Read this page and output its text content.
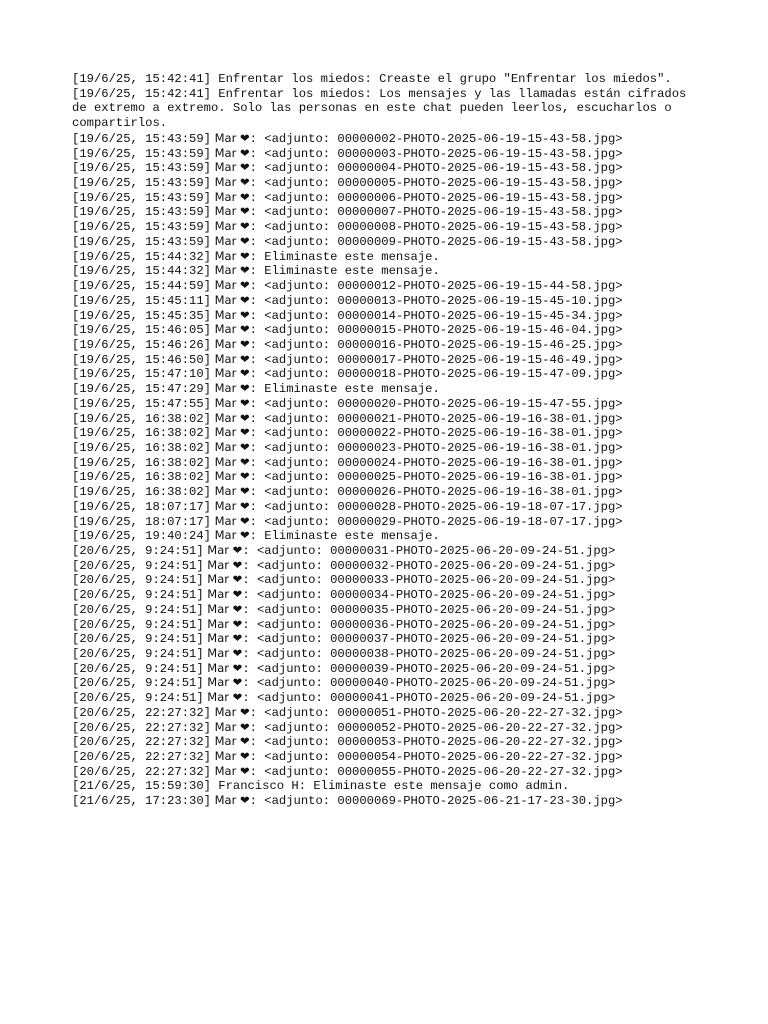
[19/6/25, 15:42:41] Enfrentar los miedos: Creaste el grupo "Enfrentar los miedos".
[19/6/25, 15:42:41] Enfrentar los miedos: Los mensajes y las llamadas están cifrados de extremo a extremo. Solo las personas en este chat pueden leerlos, escucharlos o compartirlos.
[19/6/25, 15:43:59] ‎Mar‎ ❤: <adjunto: 00000002-PHOTO-2025-06-19-15-43-58.jpg>
[19/6/25, 15:43:59] ‎Mar‎ ❤: <adjunto: 00000003-PHOTO-2025-06-19-15-43-58.jpg>
[19/6/25, 15:43:59] ‎Mar‎ ❤: <adjunto: 00000004-PHOTO-2025-06-19-15-43-58.jpg>
[19/6/25, 15:43:59] ‎Mar‎ ❤: <adjunto: 00000005-PHOTO-2025-06-19-15-43-58.jpg>
[19/6/25, 15:43:59] ‎Mar‎ ❤: <adjunto: 00000006-PHOTO-2025-06-19-15-43-58.jpg>
[19/6/25, 15:43:59] ‎Mar‎ ❤: <adjunto: 00000007-PHOTO-2025-06-19-15-43-58.jpg>
[19/6/25, 15:43:59] ‎Mar‎ ❤: <adjunto: 00000008-PHOTO-2025-06-19-15-43-58.jpg>
[19/6/25, 15:43:59] ‎Mar‎ ❤: <adjunto: 00000009-PHOTO-2025-06-19-15-43-58.jpg>
[19/6/25, 15:44:32] ‎Mar‎ ❤: Eliminaste este mensaje.
[19/6/25, 15:44:32] ‎Mar‎ ❤: Eliminaste este mensaje.
[19/6/25, 15:44:59] ‎Mar‎ ❤: <adjunto: 00000012-PHOTO-2025-06-19-15-44-58.jpg>
[19/6/25, 15:45:11] ‎Mar‎ ❤: <adjunto: 00000013-PHOTO-2025-06-19-15-45-10.jpg>
[19/6/25, 15:45:35] ‎Mar‎ ❤: <adjunto: 00000014-PHOTO-2025-06-19-15-45-34.jpg>
[19/6/25, 15:46:05] ‎Mar‎ ❤: <adjunto: 00000015-PHOTO-2025-06-19-15-46-04.jpg>
[19/6/25, 15:46:26] ‎Mar‎ ❤: <adjunto: 00000016-PHOTO-2025-06-19-15-46-25.jpg>
[19/6/25, 15:46:50] ‎Mar‎ ❤: <adjunto: 00000017-PHOTO-2025-06-19-15-46-49.jpg>
[19/6/25, 15:47:10] ‎Mar‎ ❤: <adjunto: 00000018-PHOTO-2025-06-19-15-47-09.jpg>
[19/6/25, 15:47:29] ‎Mar‎ ❤: Eliminaste este mensaje.
[19/6/25, 15:47:55] ‎Mar‎ ❤: <adjunto: 00000020-PHOTO-2025-06-19-15-47-55.jpg>
[19/6/25, 16:38:02] ‎Mar‎ ❤: <adjunto: 00000021-PHOTO-2025-06-19-16-38-01.jpg>
[19/6/25, 16:38:02] ‎Mar‎ ❤: <adjunto: 00000022-PHOTO-2025-06-19-16-38-01.jpg>
[19/6/25, 16:38:02] ‎Mar‎ ❤: <adjunto: 00000023-PHOTO-2025-06-19-16-38-01.jpg>
[19/6/25, 16:38:02] ‎Mar‎ ❤: <adjunto: 00000024-PHOTO-2025-06-19-16-38-01.jpg>
[19/6/25, 16:38:02] ‎Mar‎ ❤: <adjunto: 00000025-PHOTO-2025-06-19-16-38-01.jpg>
[19/6/25, 16:38:02] ‎Mar‎ ❤: <adjunto: 00000026-PHOTO-2025-06-19-16-38-01.jpg>
[19/6/25, 18:07:17] ‎Mar‎ ❤: <adjunto: 00000028-PHOTO-2025-06-19-18-07-17.jpg>
[19/6/25, 18:07:17] ‎Mar‎ ❤: <adjunto: 00000029-PHOTO-2025-06-19-18-07-17.jpg>
[19/6/25, 19:40:24] ‎Mar‎ ❤: Eliminaste este mensaje.
[20/6/25, 9:24:51] ‎Mar‎ ❤: <adjunto: 00000031-PHOTO-2025-06-20-09-24-51.jpg>
[20/6/25, 9:24:51] ‎Mar‎ ❤: <adjunto: 00000032-PHOTO-2025-06-20-09-24-51.jpg>
[20/6/25, 9:24:51] ‎Mar‎ ❤: <adjunto: 00000033-PHOTO-2025-06-20-09-24-51.jpg>
[20/6/25, 9:24:51] ‎Mar‎ ❤: <adjunto: 00000034-PHOTO-2025-06-20-09-24-51.jpg>
[20/6/25, 9:24:51] ‎Mar‎ ❤: <adjunto: 00000035-PHOTO-2025-06-20-09-24-51.jpg>
[20/6/25, 9:24:51] ‎Mar‎ ❤: <adjunto: 00000036-PHOTO-2025-06-20-09-24-51.jpg>
[20/6/25, 9:24:51] ‎Mar‎ ❤: <adjunto: 00000037-PHOTO-2025-06-20-09-24-51.jpg>
[20/6/25, 9:24:51] ‎Mar‎ ❤: <adjunto: 00000038-PHOTO-2025-06-20-09-24-51.jpg>
[20/6/25, 9:24:51] ‎Mar‎ ❤: <adjunto: 00000039-PHOTO-2025-06-20-09-24-51.jpg>
[20/6/25, 9:24:51] ‎Mar‎ ❤: <adjunto: 00000040-PHOTO-2025-06-20-09-24-51.jpg>
[20/6/25, 9:24:51] ‎Mar‎ ❤: <adjunto: 00000041-PHOTO-2025-06-20-09-24-51.jpg>
[20/6/25, 22:27:32] ‎Mar‎ ❤: <adjunto: 00000051-PHOTO-2025-06-20-22-27-32.jpg>
[20/6/25, 22:27:32] ‎Mar‎ ❤: <adjunto: 00000052-PHOTO-2025-06-20-22-27-32.jpg>
[20/6/25, 22:27:32] ‎Mar‎ ❤: <adjunto: 00000053-PHOTO-2025-06-20-22-27-32.jpg>
[20/6/25, 22:27:32] ‎Mar‎ ❤: <adjunto: 00000054-PHOTO-2025-06-20-22-27-32.jpg>
[20/6/25, 22:27:32] ‎Mar‎ ❤: <adjunto: 00000055-PHOTO-2025-06-20-22-27-32.jpg>
[21/6/25, 15:59:30] Francisco H: Eliminaste este mensaje como admin.
[21/6/25, 17:23:30] ‎Mar‎ ❤: <adjunto: 00000069-PHOTO-2025-06-21-17-23-30.jpg>
